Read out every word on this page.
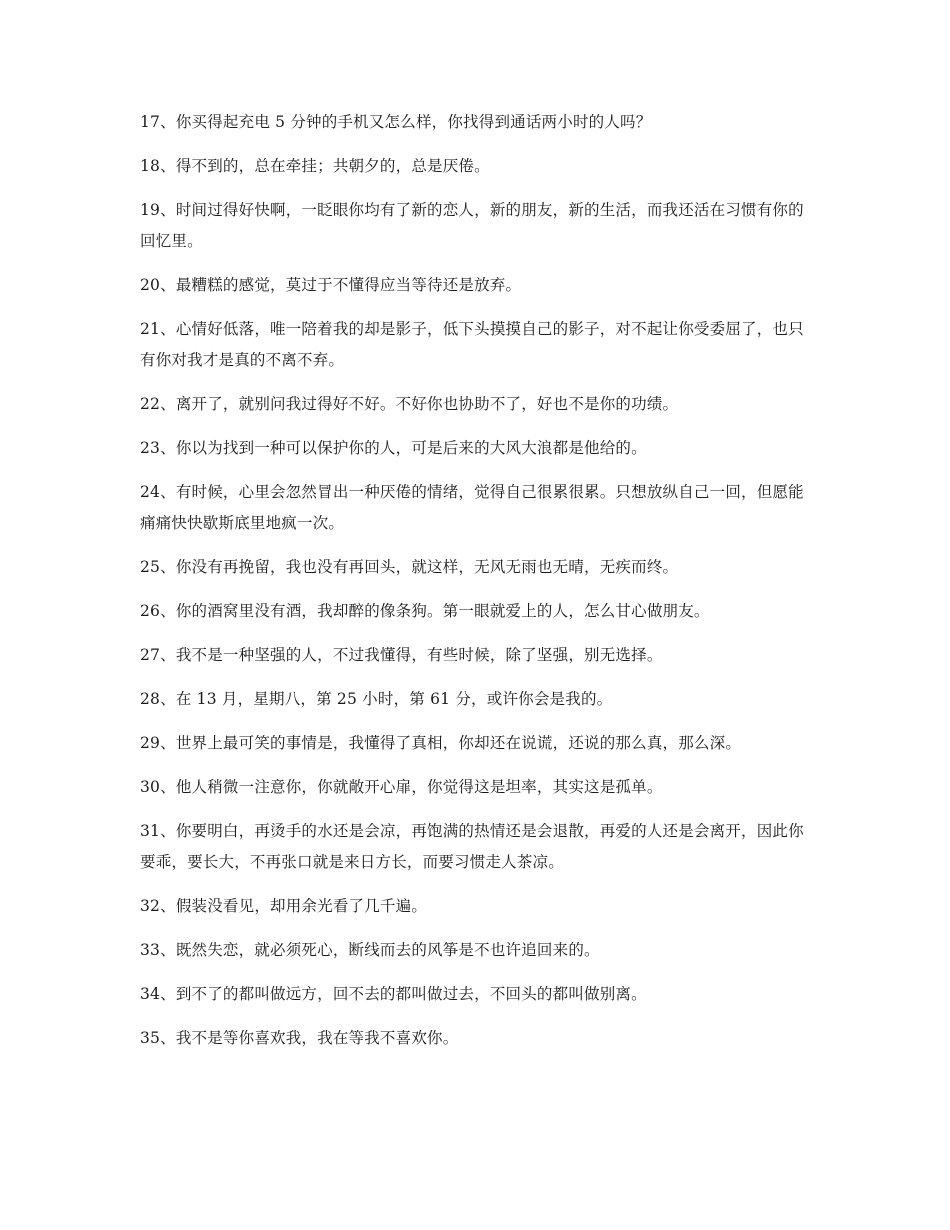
17、你买得起充电 5 分钟的手机又怎么样，你找得到通话两小时的人吗？

18、得不到的，总在牵挂；共朝夕的，总是厌倦。

19、时间过得好快啊，一眨眼你均有了新的恋人，新的朋友，新的生活，而我还活在习惯有你的回忆里。

20、最糟糕的感觉，莫过于不懂得应当等待还是放弃。

21、心情好低落，唯一陪着我的却是影子，低下头摸摸自己的影子，对不起让你受委屈了，也只有你对我才是真的不离不弃。

22、离开了，就别问我过得好不好。不好你也协助不了，好也不是你的功绩。

23、你以为找到一种可以保护你的人，可是后来的大风大浪都是他给的。

24、有时候，心里会忽然冒出一种厌倦的情绪，觉得自己很累很累。只想放纵自己一回，但愿能痛痛快快歇斯底里地疯一次。

25、你没有再挽留，我也没有再回头，就这样，无风无雨也无晴，无疾而终。

26、你的酒窝里没有酒，我却醉的像条狗。第一眼就爱上的人，怎么甘心做朋友。

27、我不是一种坚强的人，不过我懂得，有些时候，除了坚强，别无选择。

28、在 13 月，星期八，第 25 小时，第 61 分，或许你会是我的。

29、世界上最可笑的事情是，我懂得了真相，你却还在说谎，还说的那么真，那么深。

30、他人稍微一注意你，你就敞开心扉，你觉得这是坦率，其实这是孤单。

31、你要明白，再烫手的水还是会凉，再饱满的热情还是会退散，再爱的人还是会离开，因此你要乖，要长大，不再张口就是来日方长，而要习惯走人茶凉。

32、假装没看见，却用余光看了几千遍。

33、既然失恋，就必须死心，断线而去的风筝是不也许追回来的。

34、到不了的都叫做远方，回不去的都叫做过去，不回头的都叫做别离。

35、我不是等你喜欢我，我在等我不喜欢你。
